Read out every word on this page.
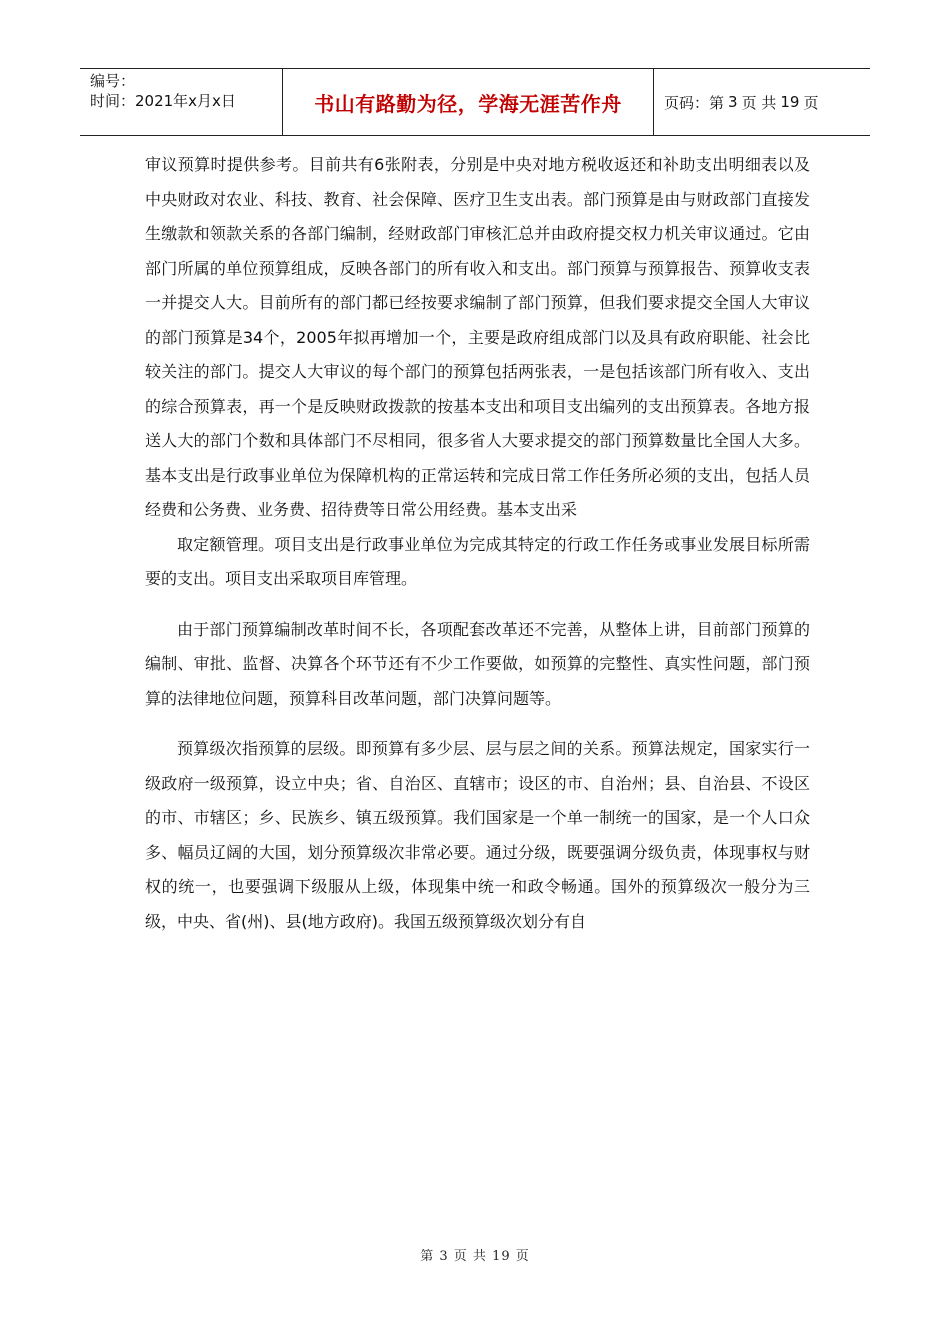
编号：
时间：2021年x月x日	书山有路勤为径，学海无涯苦作舟	页码：第 3 页 共 19 页

审议预算时提供参考。目前共有6张附表，分别是中央对地方税收返还和补助支出明细表以及中央财政对农业、科技、教育、社会保障、医疗卫生支出表。部门预算是由与财政部门直接发生缴款和领款关系的各部门编制，经财政部门审核汇总并由政府提交权力机关审议通过。它由部门所属的单位预算组成，反映各部门的所有收入和支出。部门预算与预算报告、预算收支表一并提交人大。目前所有的部门都已经按要求编制了部门预算，但我们要求提交全国人大审议的部门预算是34个，2005年拟再增加一个，主要是政府组成部门以及具有政府职能、社会比较关注的部门。提交人大审议的每个部门的预算包括两张表，一是包括该部门所有收入、支出的综合预算表，再一个是反映财政拨款的按基本支出和项目支出编列的支出预算表。各地方报送人大的部门个数和具体部门不尽相同，很多省人大要求提交的部门预算数量比全国人大多。基本支出是行政事业单位为保障机构的正常运转和完成日常工作任务所必须的支出，包括人员经费和公务费、业务费、招待费等日常公用经费。基本支出采

取定额管理。项目支出是行政事业单位为完成其特定的行政工作任务或事业发展目标所需要的支出。项目支出采取项目库管理。

由于部门预算编制改革时间不长，各项配套改革还不完善，从整体上讲，目前部门预算的编制、审批、监督、决算各个环节还有不少工作要做，如预算的完整性、真实性问题，部门预算的法律地位问题，预算科目改革问题，部门决算问题等。

预算级次指预算的层级。即预算有多少层、层与层之间的关系。预算法规定，国家实行一级政府一级预算，设立中央；省、自治区、直辖市；设区的市、自治州；县、自治县、不设区的市、市辖区；乡、民族乡、镇五级预算。我们国家是一个单一制统一的国家，是一个人口众多、幅员辽阔的大国，划分预算级次非常必要。通过分级，既要强调分级负责，体现事权与财权的统一，也要强调下级服从上级，体现集中统一和政令畅通。国外的预算级次一般分为三级，中央、省(州)、县(地方政府)。我国五级预算级次划分有自

第 3 页 共 19 页
